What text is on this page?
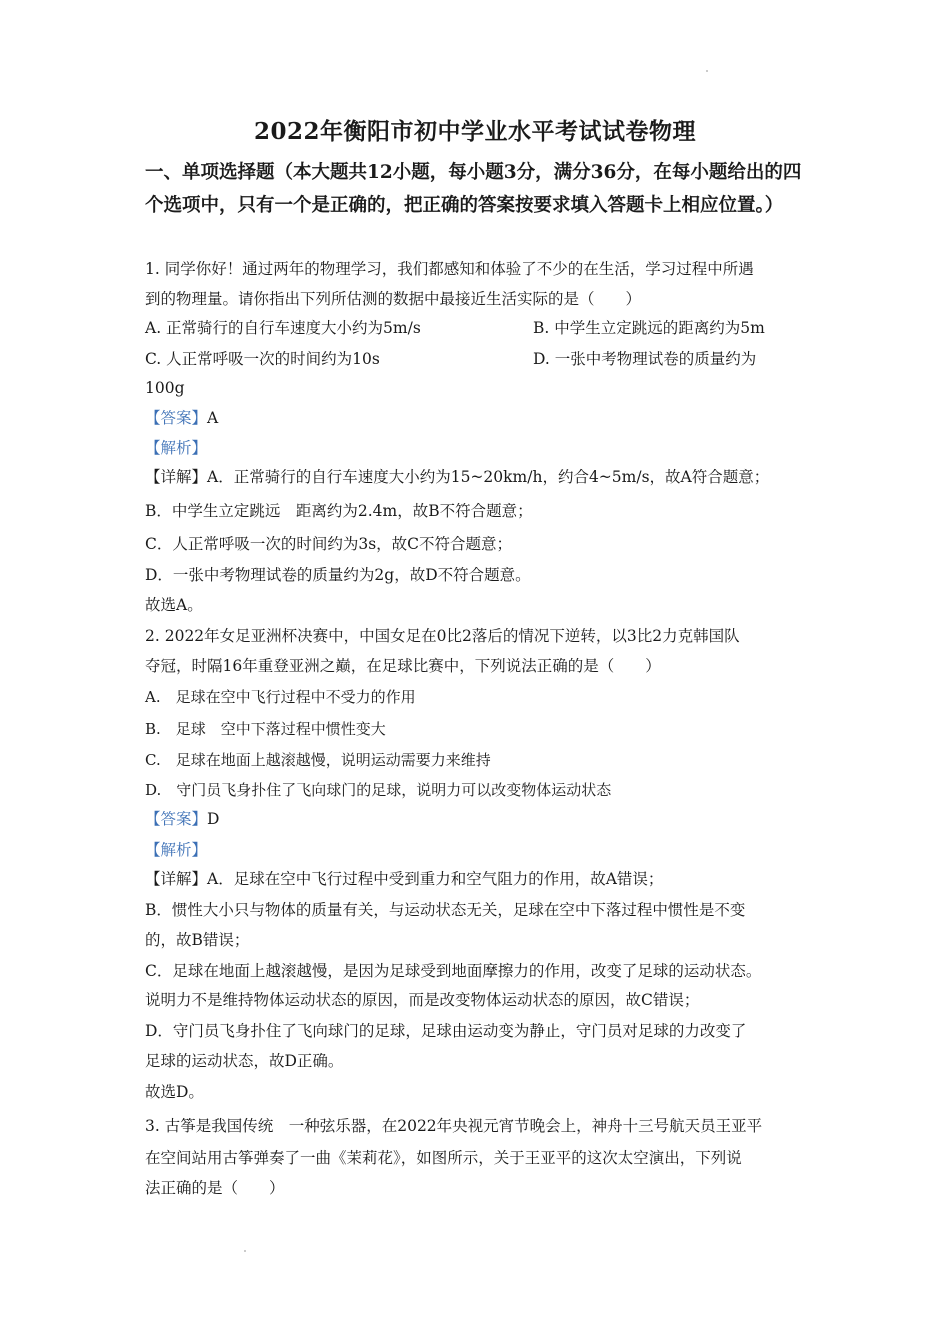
2022年衡阳市初中学业水平考试试卷物理
一、单项选择题（本大题共12小题，每小题3分，满分36分，在每小题给出的四个选项中，只有一个是正确的，把正确的答案按要求填入答题卡上相应位置。）
1. 同学你好！通过两年的物理学习，我们都感知和体验了不少的在生活，学习过程中所遇
到的物理量。请你指出下列所估测的数据中最接近生活实际的是（　　）
A. 正常骑行的自行车速度大小约为5m/s	B. 中学生立定跳远的距离约为5m
C. 人正常呼吸一次的时间约为10s	D. 一张中考物理试卷的质量约为
100g
【答案】A
【解析】
【详解】A．正常骑行的自行车速度大小约为15~20km/h，约合4~5m/s，故A符合题意；
B．中学生立定跳远　距离约为2.4m，故B不符合题意；
C．人正常呼吸一次的时间约为3s，故C不符合题意；
D．一张中考物理试卷的质量约为2g，故D不符合题意。
故选A。
2. 2022年女足亚洲杯决赛中，中国女足在0比2落后的情况下逆转，以3比2力克韩国队
夺冠，时隔16年重登亚洲之巅，在足球比赛中，下列说法正确的是（　　）
A.　足球在空中飞行过程中不受力的作用
B.　足球　空中下落过程中惯性变大
C.　足球在地面上越滚越慢，说明运动需要力来维持
D.　守门员飞身扑住了飞向球门的足球，说明力可以改变物体运动状态
【答案】D
【解析】
【详解】A．足球在空中飞行过程中受到重力和空气阻力的作用，故A错误；
B．惯性大小只与物体的质量有关，与运动状态无关，足球在空中下落过程中惯性是不变
的，故B错误；
C．足球在地面上越滚越慢，是因为足球受到地面摩擦力的作用，改变了足球的运动状态。
说明力不是维持物体运动状态的原因，而是改变物体运动状态的原因，故C错误；
D．守门员飞身扑住了飞向球门的足球，足球由运动变为静止，守门员对足球的力改变了
足球的运动状态，故D正确。
故选D。
3. 古筝是我国传统　一种弦乐器，在2022年央视元宵节晚会上，神舟十三号航天员王亚平
在空间站用古筝弹奏了一曲《茉莉花》，如图所示，关于王亚平的这次太空演出，下列说
法正确的是（　　）
